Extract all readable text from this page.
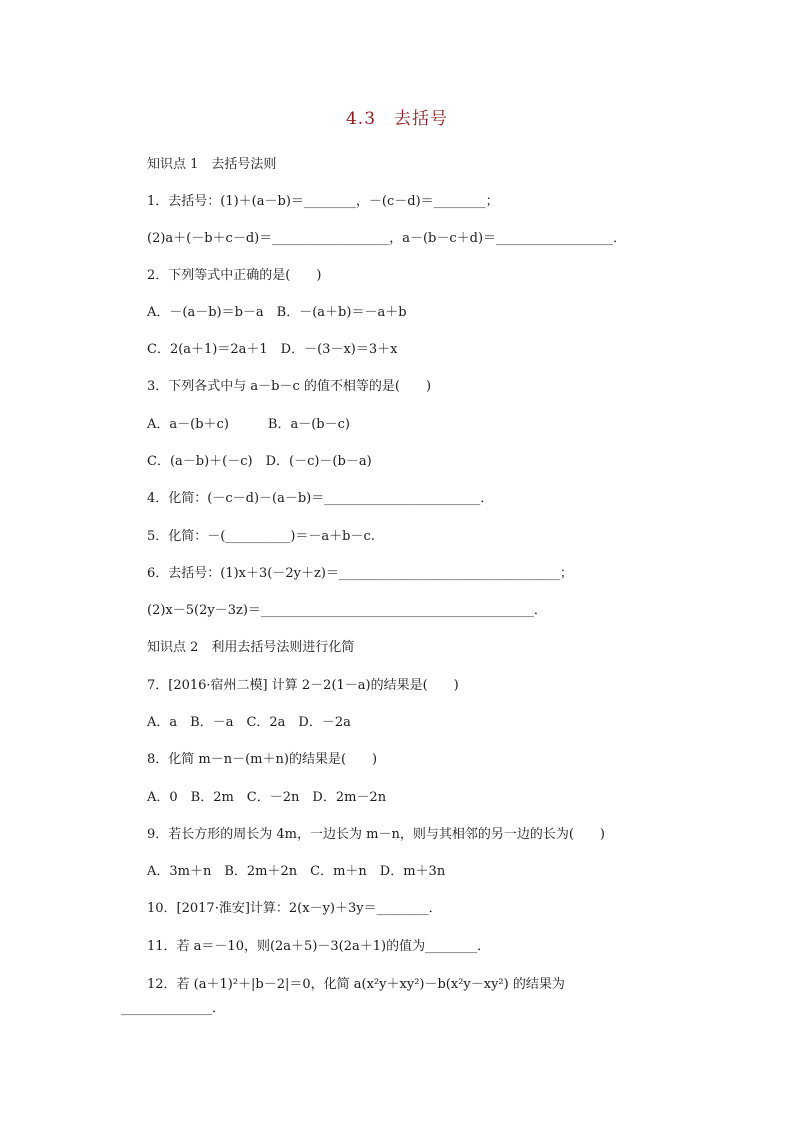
4.3　去括号
知识点 1　去括号法则
1．去括号：(1)＋(a－b)＝________，－(c－d)＝________；
(2)a＋(－b＋c－d)＝__________________，a－(b－c＋d)＝__________________．
2．下列等式中正确的是(　　)
A．－(a－b)＝b－a　B．－(a＋b)＝－a＋b
C．2(a＋1)＝2a＋1　D．－(3－x)＝3＋x
3．下列各式中与 a－b－c 的值不相等的是(　　)
A．a－(b＋c)　　　B．a－(b－c)
C．(a－b)＋(－c)　D．(－c)－(b－a)
4．化简：(－c－d)－(a－b)＝________________________．
5．化简：－(__________)＝－a＋b－c.
6．去括号：(1)x＋3(－2y＋z)＝__________________________________；
(2)x－5(2y－3z)＝__________________________________________．
知识点 2　利用去括号法则进行化简
7．[2016·宿州二模] 计算 2－2(1－a)的结果是(　　)
A．a　B．－a　C．2a　D．－2a
8．化简 m－n－(m＋n)的结果是(　　)
A．0　B．2m　C．－2n　D．2m－2n
9．若长方形的周长为 4m，一边长为 m－n，则与其相邻的另一边的长为(　　)
A．3m＋n　B．2m＋2n　C．m＋n　D．m＋3n
10．[2017·淮安]计算：2(x－y)＋3y＝________．
11．若 a＝－10，则(2a＋5)－3(2a＋1)的值为________．
12．若 (a＋1)²＋|b－2|＝0，化简 a(x²y＋xy²)－b(x²y－xy²) 的结果为
______________．
